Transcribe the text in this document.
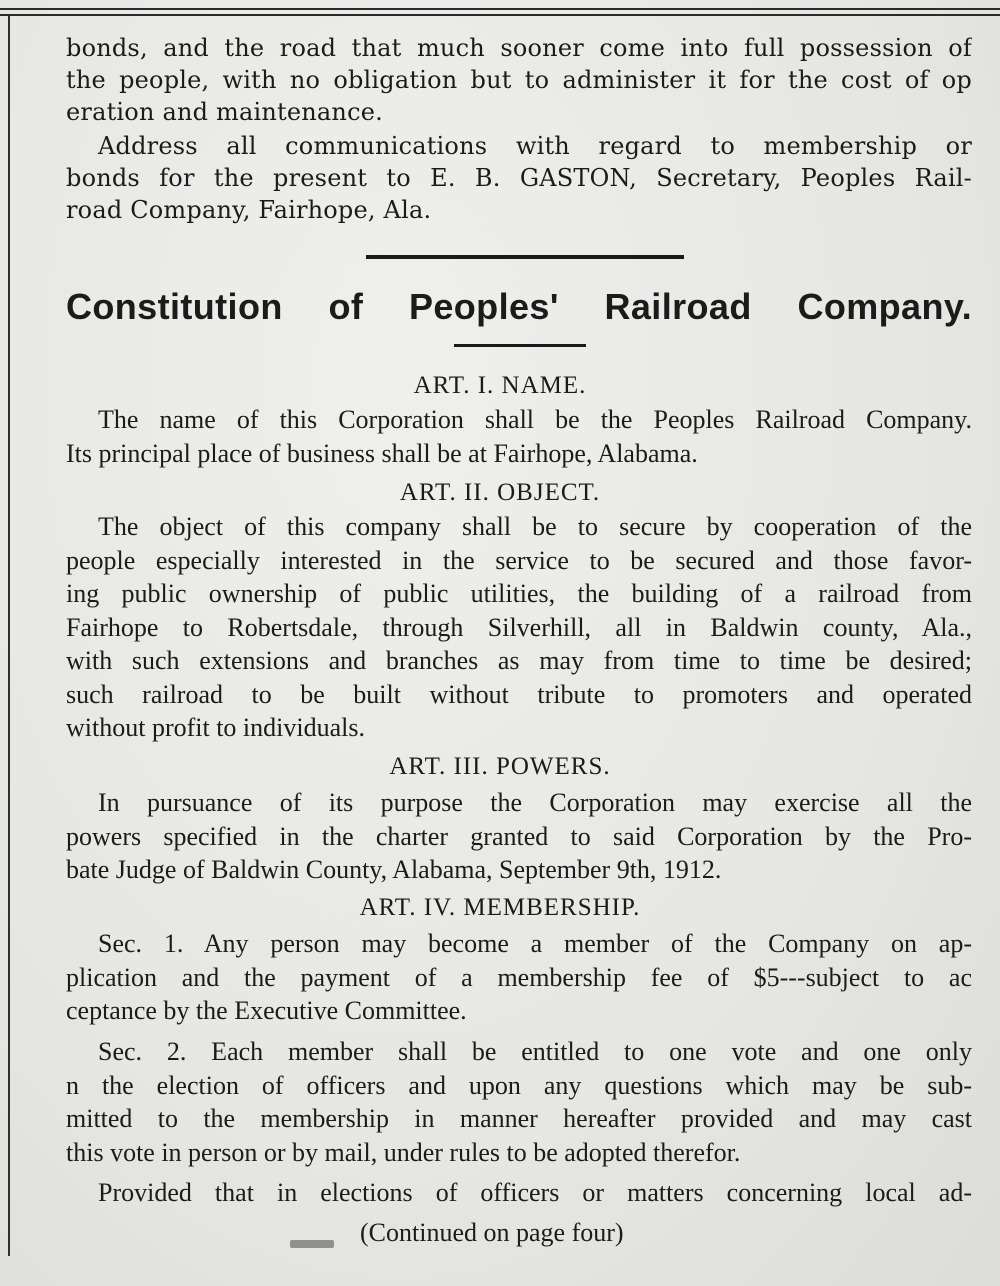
bonds, and the road that much sooner come into full possession of
the people, with no obligation but to administer it for the cost of op
eration and maintenance.
Address all communications with regard to membership or
bonds for the present to E. B. GASTON, Secretary, Peoples Rail-
road Company, Fairhope, Ala.
Constitution of Peoples' Railroad Company.
ART. I. NAME.
The name of this Corporation shall be the Peoples Railroad Company.
Its principal place of business shall be at Fairhope, Alabama.
ART. II. OBJECT.
The object of this company shall be to secure by cooperation of the
people especially interested in the service to be secured and those favor-
ing public ownership of public utilities, the building of a railroad from
Fairhope to Robertsdale, through Silverhill, all in Baldwin county, Ala.,
with such extensions and branches as may from time to time be desired;
such railroad to be built without tribute to promoters and operated
without profit to individuals.
ART. III. POWERS.
In pursuance of its purpose the Corporation may exercise all the
powers specified in the charter granted to said Corporation by the Pro-
bate Judge of Baldwin County, Alabama, September 9th, 1912.
ART. IV. MEMBERSHIP.
Sec. 1. Any person may become a member of the Company on ap-
plication and the payment of a membership fee of $5---subject to ac
ceptance by the Executive Committee.
Sec. 2. Each member shall be entitled to one vote and one only
n the election of officers and upon any questions which may be sub-
mitted to the membership in manner hereafter provided and may cast
this vote in person or by mail, under rules to be adopted therefor.
Provided that in elections of officers or matters concerning local ad-
(Continued on page four)
